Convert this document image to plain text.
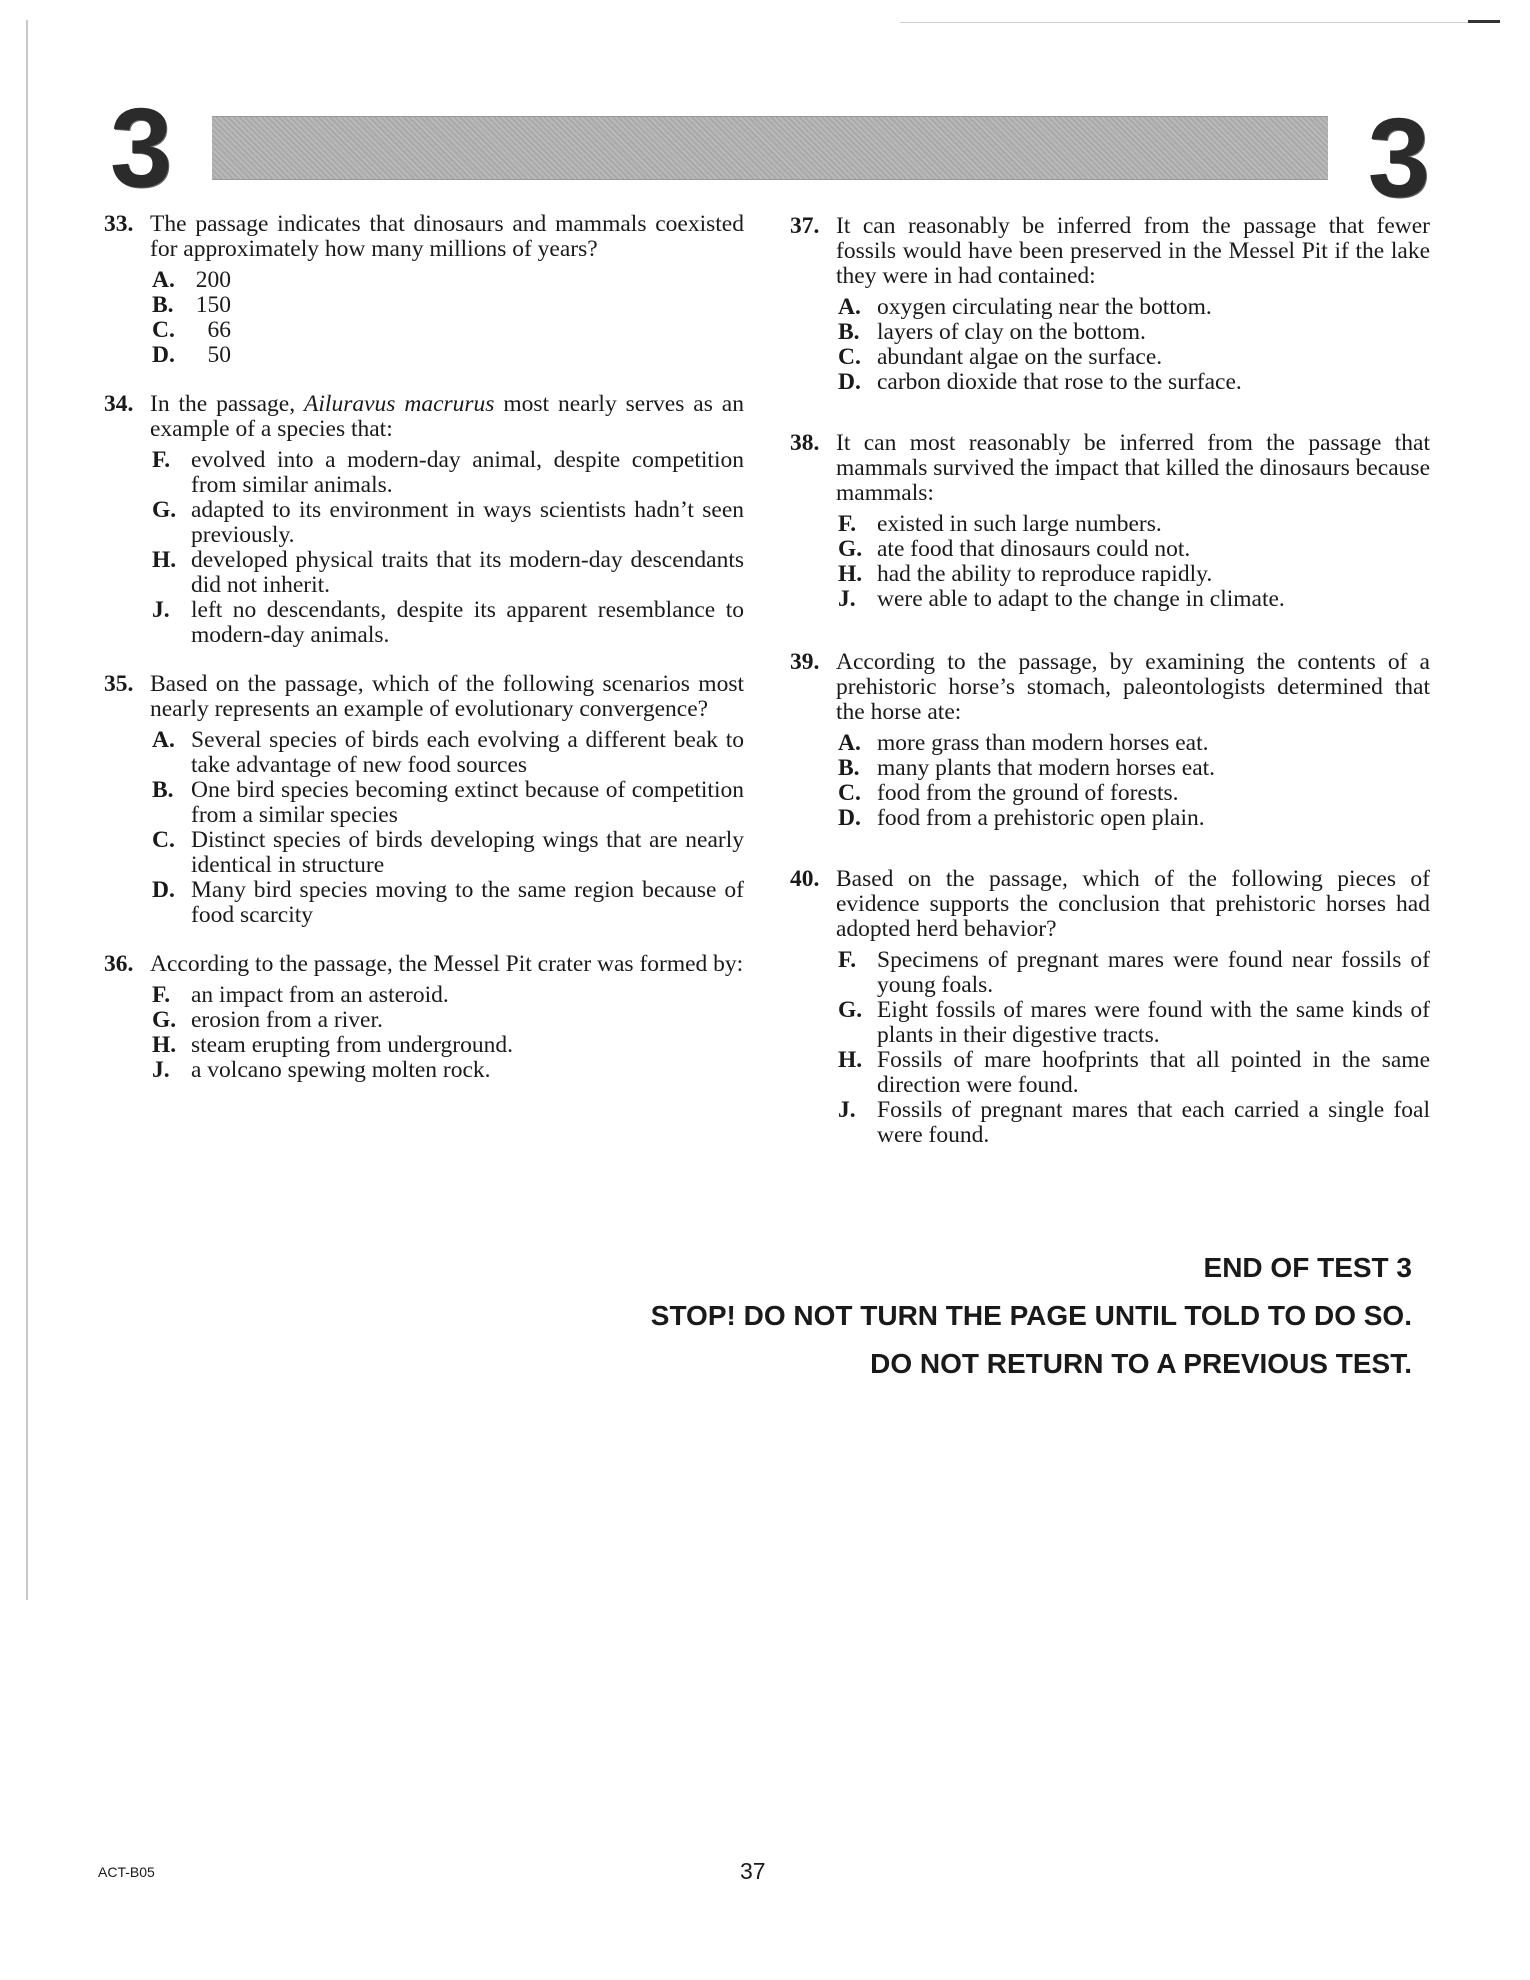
3	3
33. The passage indicates that dinosaurs and mammals coexisted for approximately how many millions of years?
A. 200
B. 150
C. 66
D. 50
34. In the passage, Ailuravus macrurus most nearly serves as an example of a species that:
F. evolved into a modern-day animal, despite competition from similar animals.
G. adapted to its environment in ways scientists hadn’t seen previously.
H. developed physical traits that its modern-day descendants did not inherit.
J. left no descendants, despite its apparent resemblance to modern-day animals.
35. Based on the passage, which of the following scenarios most nearly represents an example of evolutionary convergence?
A. Several species of birds each evolving a different beak to take advantage of new food sources
B. One bird species becoming extinct because of competition from a similar species
C. Distinct species of birds developing wings that are nearly identical in structure
D. Many bird species moving to the same region because of food scarcity
36. According to the passage, the Messel Pit crater was formed by:
F. an impact from an asteroid.
G. erosion from a river.
H. steam erupting from underground.
J. a volcano spewing molten rock.
37. It can reasonably be inferred from the passage that fewer fossils would have been preserved in the Messel Pit if the lake they were in had contained:
A. oxygen circulating near the bottom.
B. layers of clay on the bottom.
C. abundant algae on the surface.
D. carbon dioxide that rose to the surface.
38. It can most reasonably be inferred from the passage that mammals survived the impact that killed the dinosaurs because mammals:
F. existed in such large numbers.
G. ate food that dinosaurs could not.
H. had the ability to reproduce rapidly.
J. were able to adapt to the change in climate.
39. According to the passage, by examining the contents of a prehistoric horse’s stomach, paleontologists determined that the horse ate:
A. more grass than modern horses eat.
B. many plants that modern horses eat.
C. food from the ground of forests.
D. food from a prehistoric open plain.
40. Based on the passage, which of the following pieces of evidence supports the conclusion that prehistoric horses had adopted herd behavior?
F. Specimens of pregnant mares were found near fossils of young foals.
G. Eight fossils of mares were found with the same kinds of plants in their digestive tracts.
H. Fossils of mare hoofprints that all pointed in the same direction were found.
J. Fossils of pregnant mares that each carried a single foal were found.
END OF TEST 3
STOP! DO NOT TURN THE PAGE UNTIL TOLD TO DO SO.
DO NOT RETURN TO A PREVIOUS TEST.
ACT-B05	37
